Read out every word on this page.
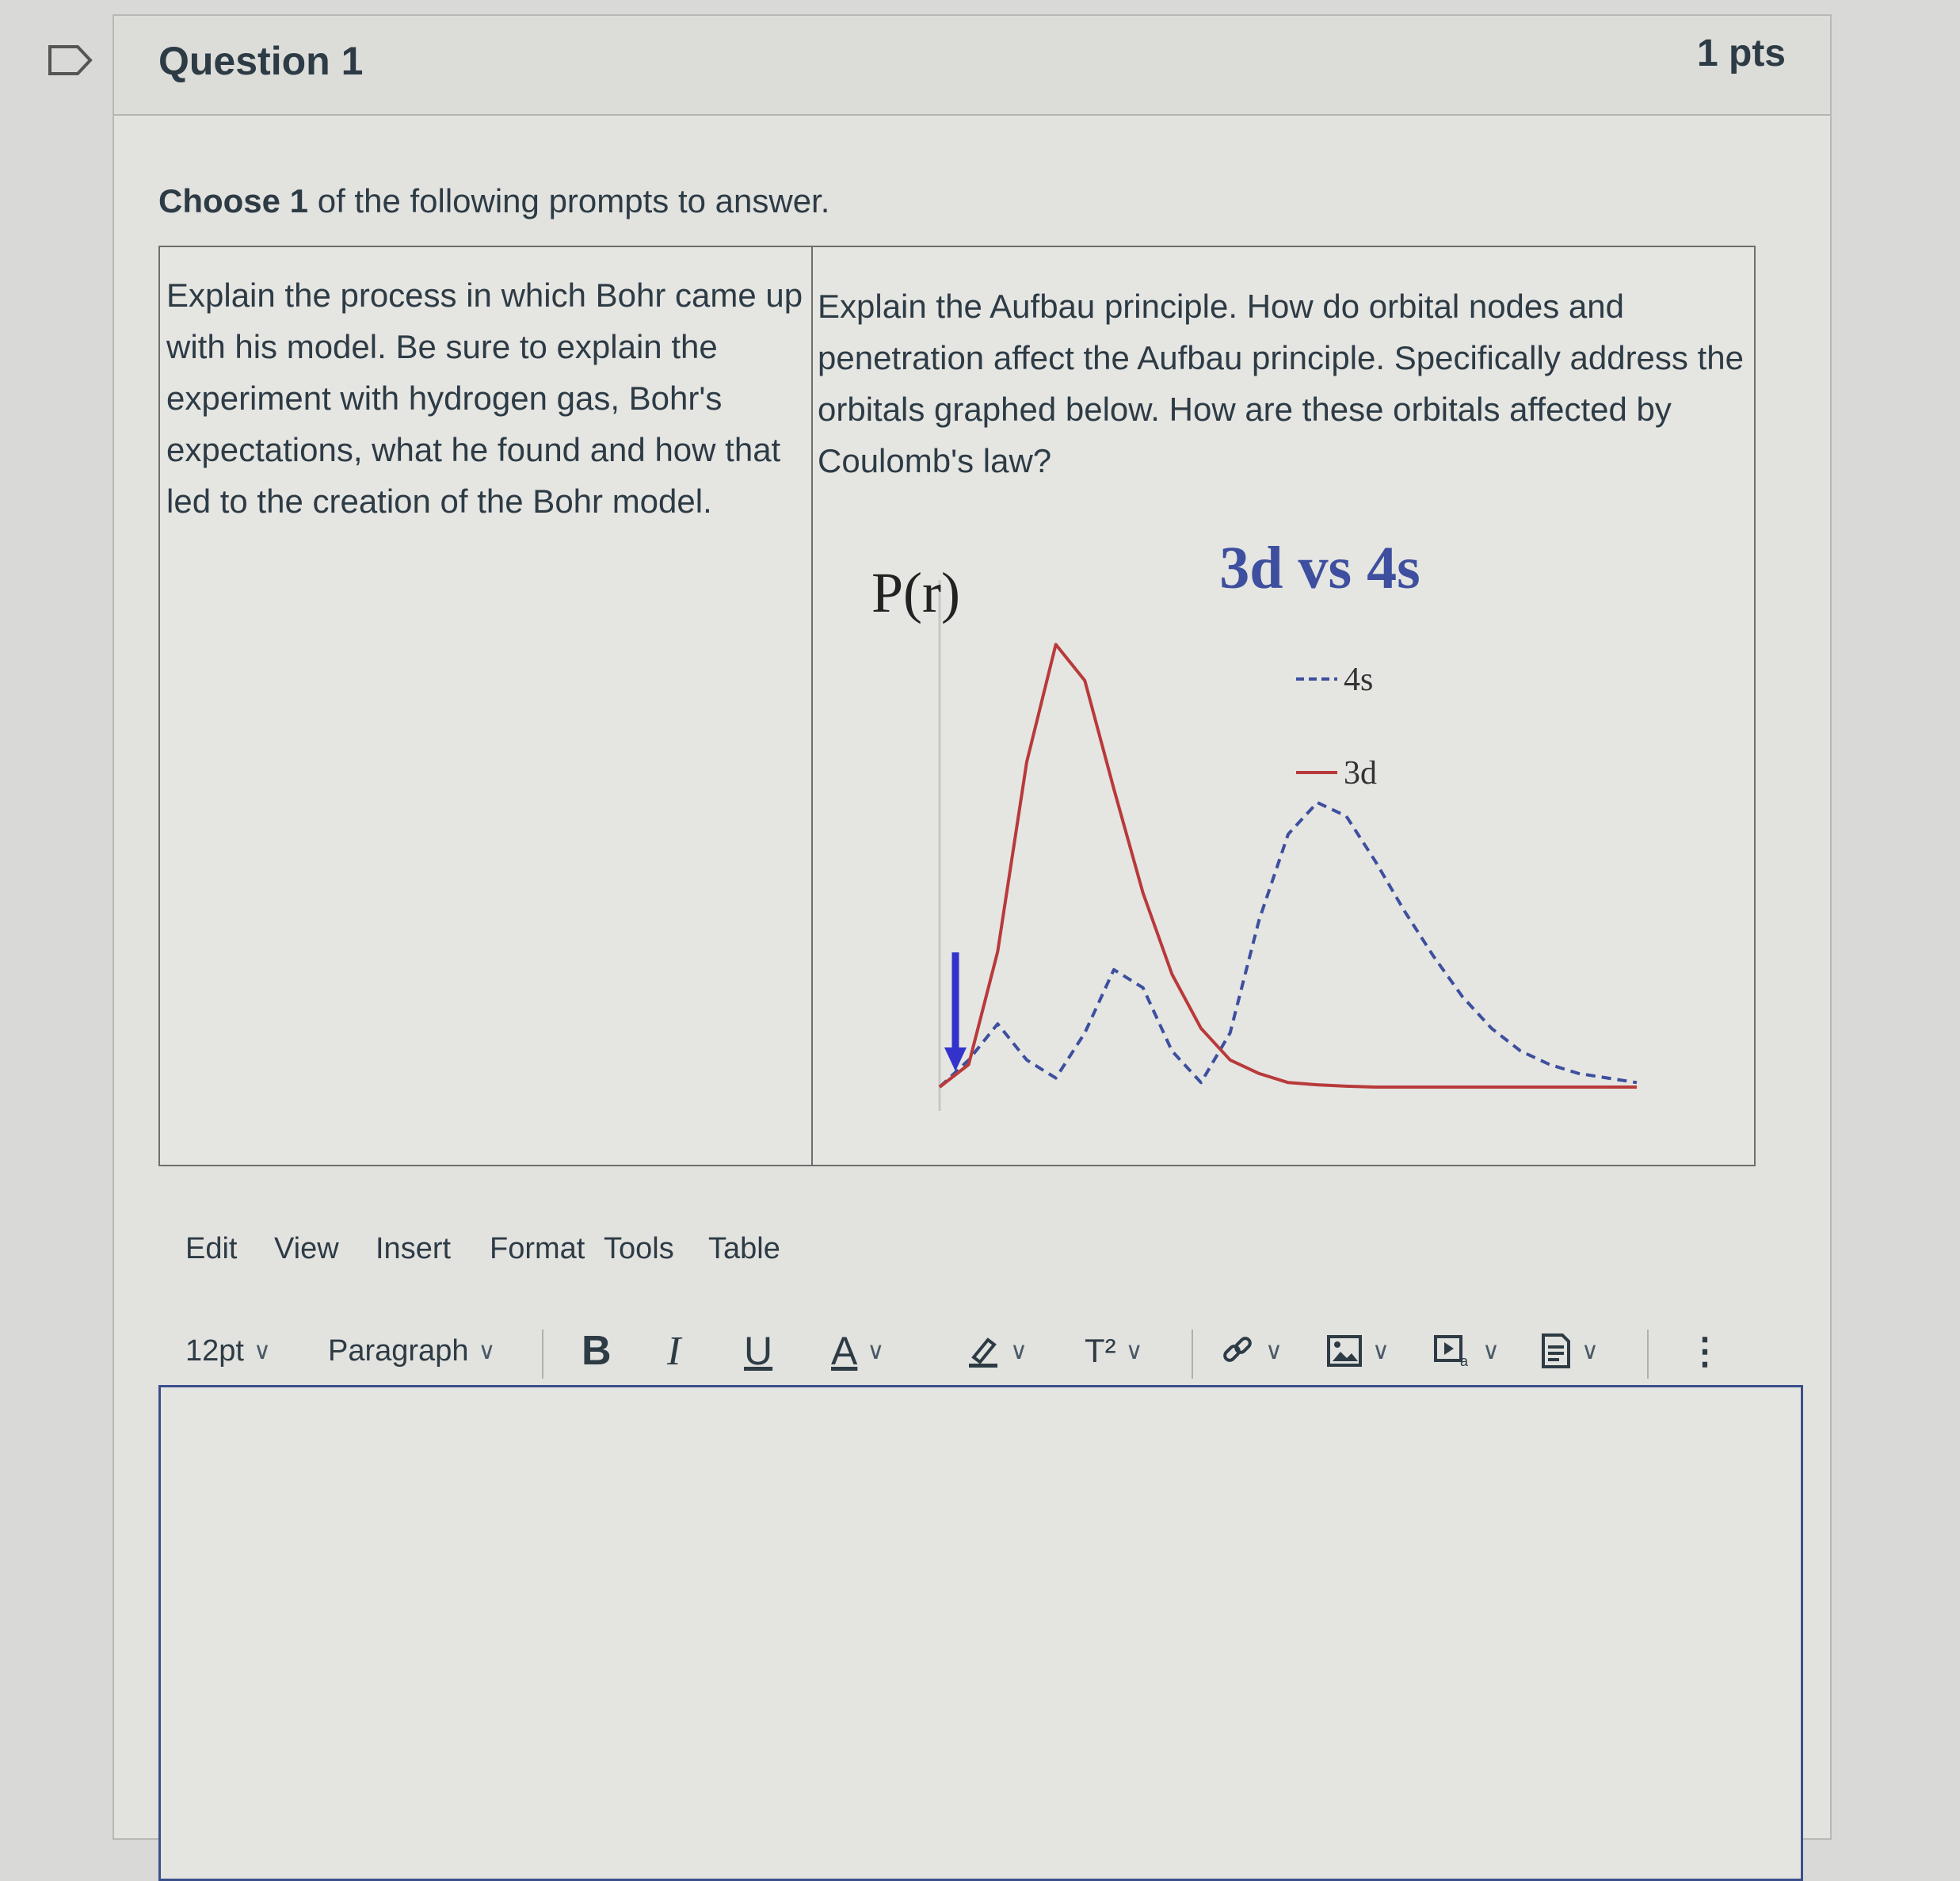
Question 1	1 pts
Choose 1 of the following prompts to answer.
Explain the process in which Bohr came up with his model. Be sure to explain the experiment with hydrogen gas, Bohr's expectations, what he found and how that led to the creation of the Bohr model.
Explain the Aufbau principle. How do orbital nodes and penetration affect the Aufbau principle. Specifically address the orbitals graphed below. How are these orbitals affected by Coulomb's law?
3d vs 4s
P(r)
4s
3d
Edit View Insert Format Tools Table
12pt ∨ Paragraph ∨ B I U A ∨	∨ T² ∨	∨	∨	a ∨	∨ ⋮
